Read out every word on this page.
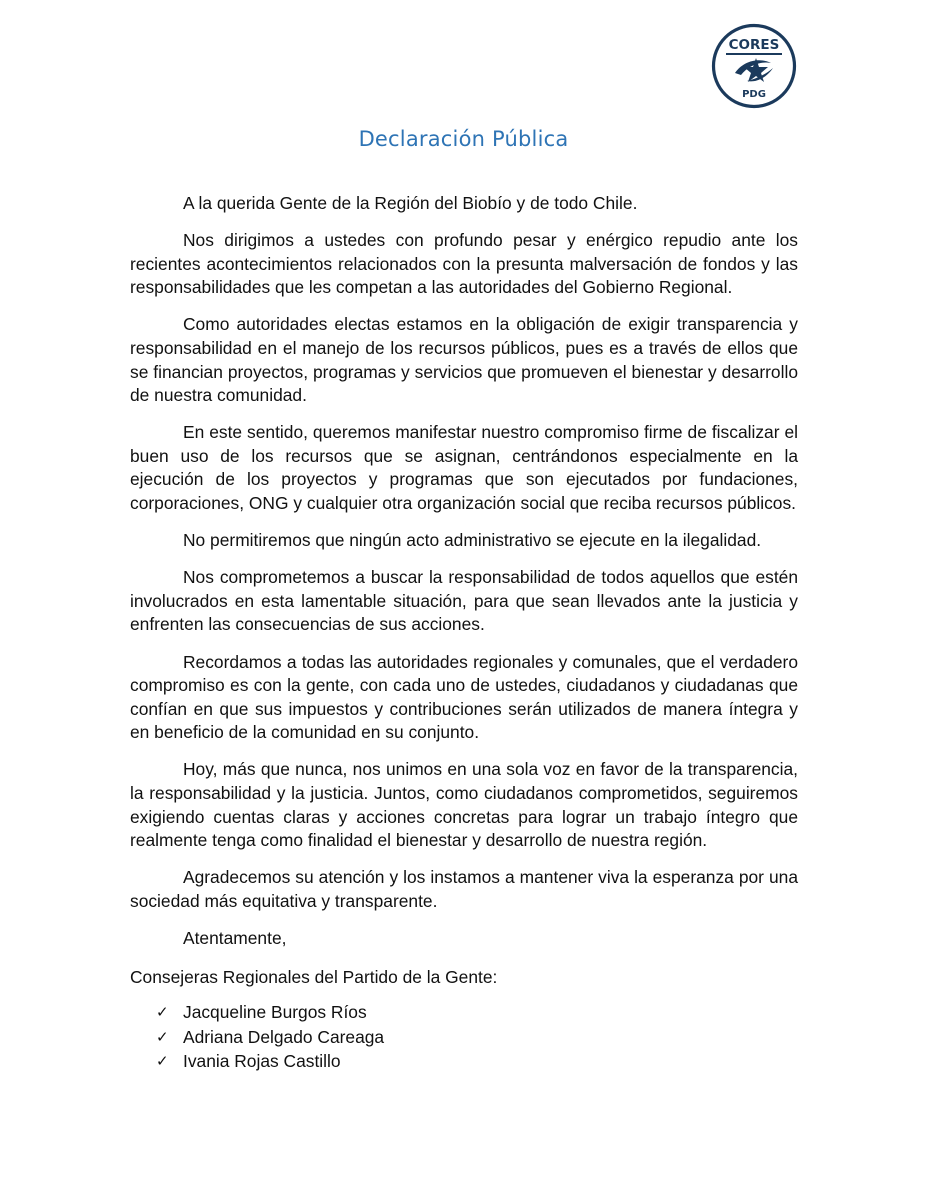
CORES
PDG
Declaración Pública

A la querida Gente de la Región del Biobío y de todo Chile.

Nos dirigimos a ustedes con profundo pesar y enérgico repudio ante los recientes acontecimientos relacionados con la presunta malversación de fondos y las responsabilidades que les competan a las autoridades del Gobierno Regional.

Como autoridades electas estamos en la obligación de exigir transparencia y responsabilidad en el manejo de los recursos públicos, pues es a través de ellos que se financian proyectos, programas y servicios que promueven el bienestar y desarrollo de nuestra comunidad.

En este sentido, queremos manifestar nuestro compromiso firme de fiscalizar el buen uso de los recursos que se asignan, centrándonos especialmente en la ejecución de los proyectos y programas que son ejecutados por fundaciones, corporaciones, ONG y cualquier otra organización social que reciba recursos públicos.

No permitiremos que ningún acto administrativo se ejecute en la ilegalidad.

Nos comprometemos a buscar la responsabilidad de todos aquellos que estén involucrados en esta lamentable situación, para que sean llevados ante la justicia y enfrenten las consecuencias de sus acciones.

Recordamos a todas las autoridades regionales y comunales, que el verdadero compromiso es con la gente, con cada uno de ustedes, ciudadanos y ciudadanas que confían en que sus impuestos y contribuciones serán utilizados de manera íntegra y en beneficio de la comunidad en su conjunto.

Hoy, más que nunca, nos unimos en una sola voz en favor de la transparencia, la responsabilidad y la justicia. Juntos, como ciudadanos comprometidos, seguiremos exigiendo cuentas claras y acciones concretas para lograr un trabajo íntegro que realmente tenga como finalidad el bienestar y desarrollo de nuestra región.

Agradecemos su atención y los instamos a mantener viva la esperanza por una sociedad más equitativa y transparente.

Atentamente,

Consejeras Regionales del Partido de la Gente:

✓ Jacqueline Burgos Ríos
✓ Adriana Delgado Careaga
✓ Ivania Rojas Castillo
